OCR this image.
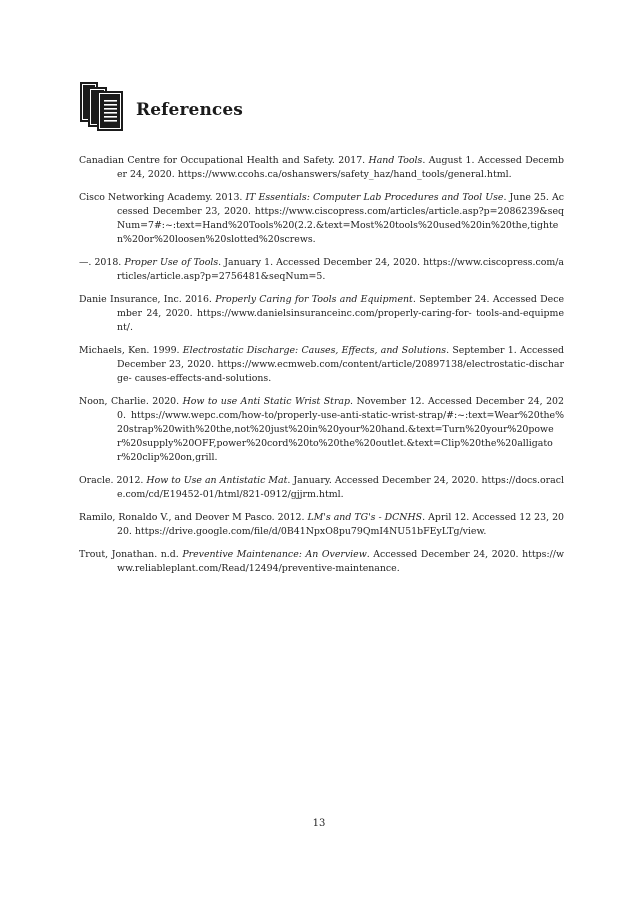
References

Canadian Centre for Occupational Health and Safety. 2017. Hand Tools. August 1. Accessed December 24, 2020. https://www.ccohs.ca/oshanswers/safety_haz/hand_tools/general.html.

Cisco Networking Academy. 2013. IT Essentials: Computer Lab Procedures and Tool Use. June 25. Accessed December 23, 2020. https://www.ciscopress.com/articles/article.asp?p=2086239&seqNum=7#:~:text=Hand%20Tools%20(2.2.&text=Most%20tools%20used%20in%20the,tighten%20or%20loosen%20slotted%20screws.

—. 2018. Proper Use of Tools. January 1. Accessed December 24, 2020. https://www.ciscopress.com/articles/article.asp?p=2756481&seqNum=5.

Danie Insurance, Inc. 2016. Properly Caring for Tools and Equipment. September 24. Accessed December 24, 2020. https://www.danielsinsuranceinc.com/properly-caring-for- tools-and-equipment/.

Michaels, Ken. 1999. Electrostatic Discharge: Causes, Effects, and Solutions. September 1. Accessed December 23, 2020. https://www.ecmweb.com/content/article/20897138/electrostatic-discharge- causes-effects-and-solutions.

Noon, Charlie. 2020. How to use Anti Static Wrist Strap. November 12. Accessed December 24, 2020. https://www.wepc.com/how-to/properly-use-anti-static-wrist-strap/#:~:text=Wear%20the%20strap%20with%20the,not%20just%20in%20your%20hand.&text=Turn%20your%20power%20supply%20OFF,power%20cord%20to%20the%20outlet.&text=Clip%20the%20alligator%20clip%20on,grill.

Oracle. 2012. How to Use an Antistatic Mat. January. Accessed December 24, 2020. https://docs.oracle.com/cd/E19452-01/html/821-0912/gjjrm.html.

Ramilo, Ronaldo V., and Deover M Pasco. 2012. LM's and TG's - DCNHS. April 12. Accessed 12 23, 2020. https://drive.google.com/file/d/0B41NpxO8pu79QmI4NU51bFEyLTg/view.

Trout, Jonathan. n.d. Preventive Maintenance: An Overview. Accessed December 24, 2020. https://www.reliableplant.com/Read/12494/preventive-maintenance.

13
